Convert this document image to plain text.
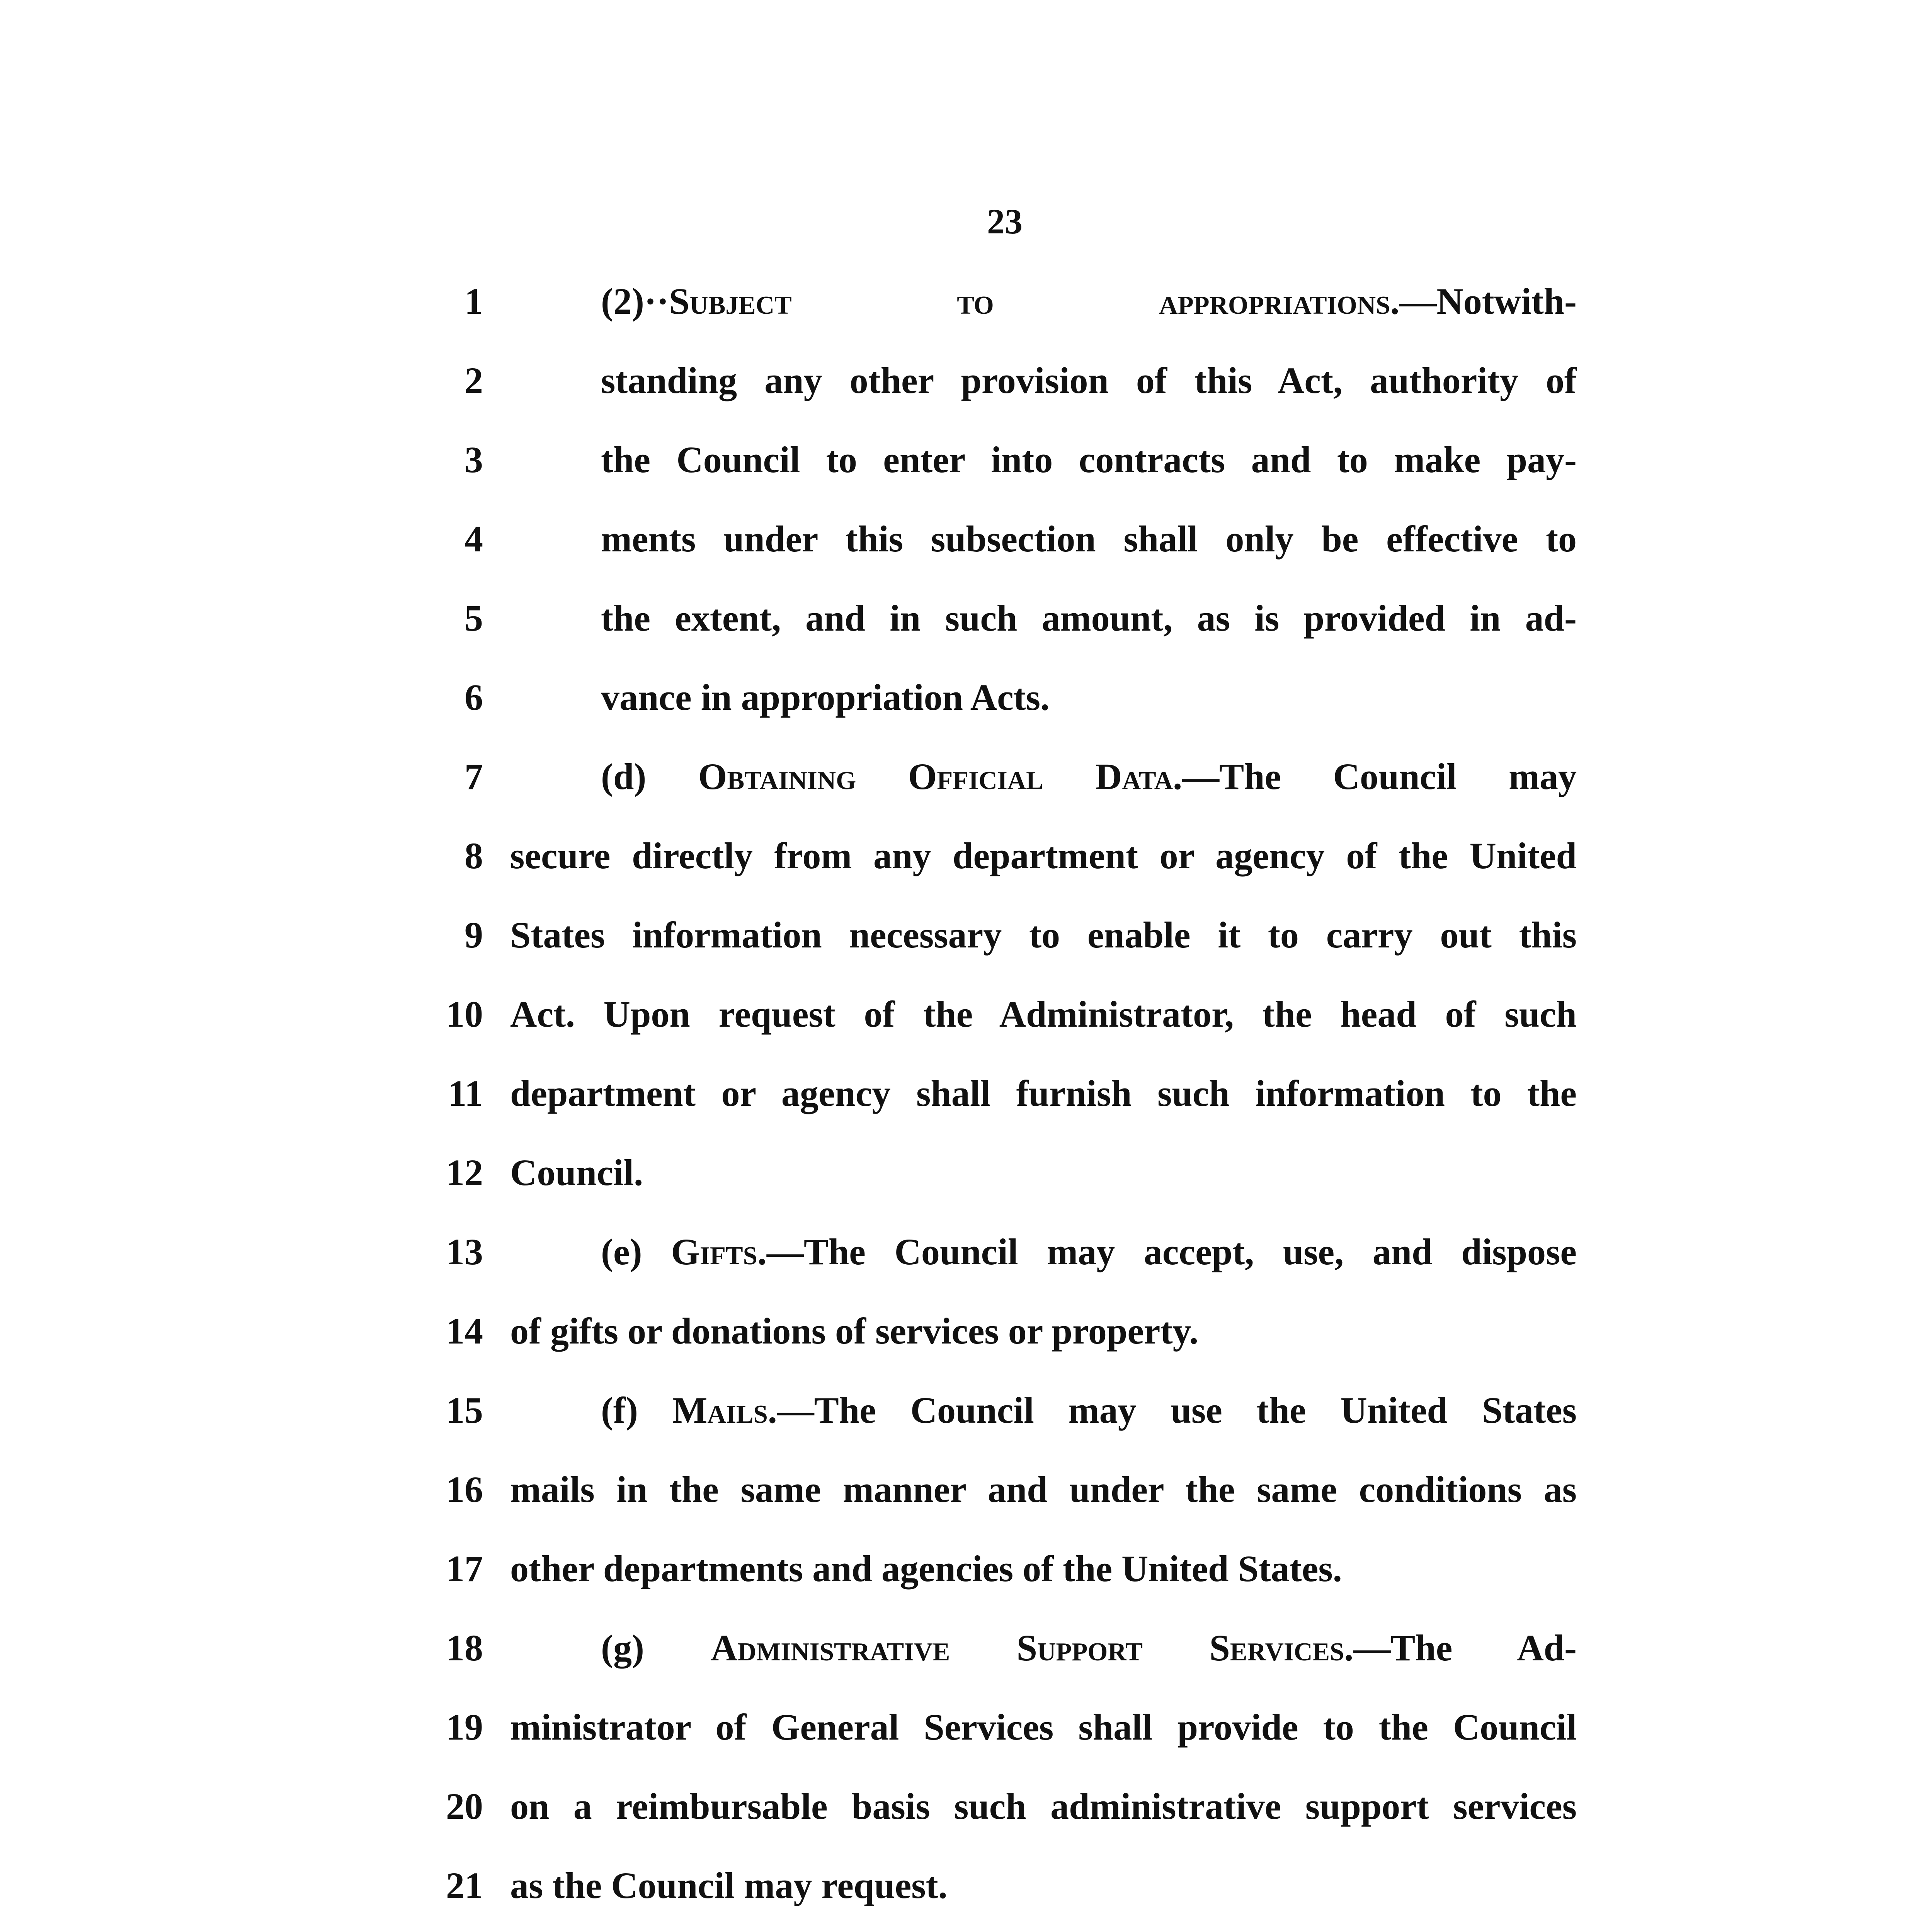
23
1	(2)··Subject to appropriations.—Notwith-
2	standing any other provision of this Act, authority of
3	the Council to enter into contracts and to make pay-
4	ments under this subsection shall only be effective to
5	the extent, and in such amount, as is provided in ad-
6	vance in appropriation Acts.
7	(d) Obtaining Official Data.—The Council may
8 secure directly from any department or agency of the United
9 States information necessary to enable it to carry out this
10 Act. Upon request of the Administrator, the head of such
11 department or agency shall furnish such information to the
12 Council.
13	(e) Gifts.—The Council may accept, use, and dispose
14 of gifts or donations of services or property.
15	(f) Mails.—The Council may use the United States
16 mails in the same manner and under the same conditions as
17 other departments and agencies of the United States.
18	(g) Administrative Support Services.—The Ad-
19 ministrator of General Services shall provide to the Council
20 on a reimbursable basis such administrative support services
21 as the Council may request.
